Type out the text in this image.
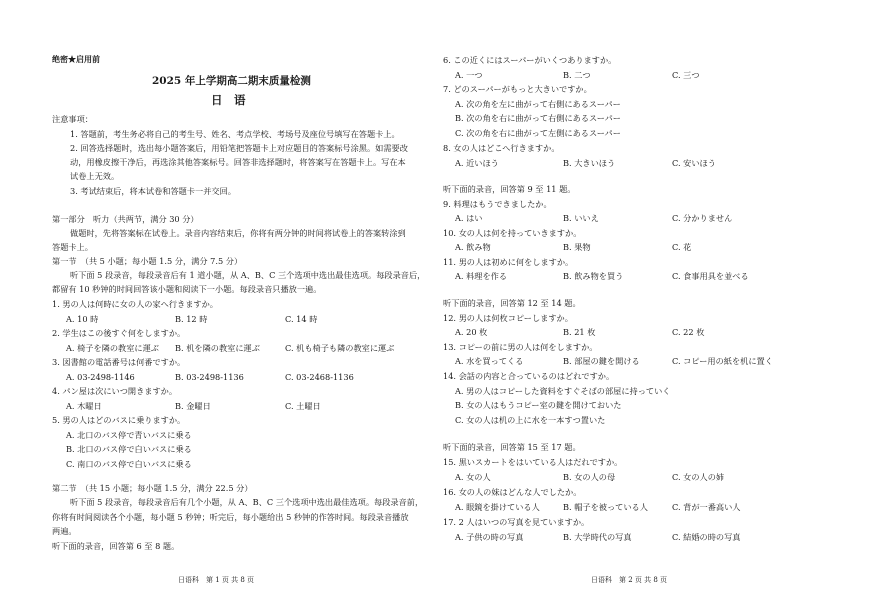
绝密★启用前
2025 年上学期高二期末质量检测
日　语
注意事项：
1. 答题前，考生务必将自己的考生号、姓名、考点学校、考场号及座位号填写在答题卡上。
2. 回答选择题时，选出每小题答案后，用铅笔把答题卡上对应题目的答案标号涂黑。如需要改
动，用橡皮擦干净后，再选涂其他答案标号。回答非选择题时，将答案写在答题卡上。写在本
试卷上无效。
3. 考试结束后，将本试卷和答题卡一并交回。
第一部分　听力（共两节，满分 30 分）
做题时，先将答案标在试卷上。录音内容结束后，你将有两分钟的时间将试卷上的答案转涂到
答题卡上。
第一节　（共 5 小题；每小题 1.5 分，满分 7.5 分）
听下面 5 段录音，每段录音后有 1 道小题，从 A、B、C 三个选项中选出最佳选项。每段录音后，
都留有 10 秒钟的时间回答该小题和阅读下一小题。每段录音只播放一遍。
1. 男の人は何時に女の人の家へ行きますか。
A. 10 時	B. 12 時	C. 14 時
2. 学生はこの後すぐ何をしますか。
A. 椅子を隣の教室に運ぶ B. 机を隣の教室に運ぶ	C. 机も椅子も隣の教室に運ぶ
3. 図書館の電話番号は何番ですか。
A. 03-2498-1146	B. 03-2498-1136	C. 03-2468-1136
4. パン屋は次にいつ開きますか。
A. 木曜日	B. 金曜日	C. 土曜日
5. 男の人はどのバスに乗りますか。
A. 北口のバス停で青いバスに乗る
B. 北口のバス停で白いバスに乗る
C. 南口のバス停で白いバスに乗る
第二节　（共 15 小题；每小题 1.5 分，满分 22.5 分）
听下面 5 段录音，每段录音后有几个小题，从 A、B、C 三个选项中选出最佳选项。每段录音前，
你将有时间阅读各个小题，每小题 5 秒钟；听完后，每小题给出 5 秒钟的作答时间。每段录音播放
两遍。
听下面的录音，回答第 6 至 8 题。
日语科　第 1 页 共 8 页
6. この近くにはスーパーがいくつありますか。
A. 一つ	B. 二つ	C. 三つ
7. どのスーパーがもっと大きいですか。
A. 次の角を左に曲がって右側にあるスーパー
B. 次の角を右に曲がって右側にあるスーパー
C. 次の角を右に曲がって左側にあるスーパー
8. 女の人はどこへ行きますか。
A. 近いほう	B. 大きいほう	C. 安いほう
听下面的录音，回答第 9 至 11 题。
9. 料理はもうできましたか。
A. はい	B. いいえ	C. 分かりません
10. 女の人は何を持っていきますか。
A. 飲み物	B. 果物	C. 花
11. 男の人は初めに何をしますか。
A. 料理を作る	B. 飲み物を買う	C. 食事用具を並べる
听下面的录音，回答第 12 至 14 题。
12. 男の人は何枚コピーしますか。
A. 20 枚	B. 21 枚	C. 22 枚
13. コピーの前に男の人は何をしますか。
A. 水を買ってくる	B. 部屋の鍵を開ける	C. コピー用の紙を机に置く
14. 会話の内容と合っているのはどれですか。
A. 男の人はコピーした資料をすぐそばの部屋に持っていく
B. 女の人はもうコピー室の鍵を開けておいた
C. 女の人は机の上に水を一本すつ置いた
听下面的录音，回答第 15 至 17 题。
15. 黒いスカートをはいている人はだれですか。
A. 女の人	B. 女の人の母	C. 女の人の姉
16. 女の人の妹はどんな人でしたか。
A. 眼鏡を掛けている人	B. 帽子を被っている人	C. 背が一番高い人
17. 2 人はいつの写真を見ていますか。
A. 子供の時の写真	B. 大学時代の写真	C. 結婚の時の写真
日语科　第 2 页 共 8 页
